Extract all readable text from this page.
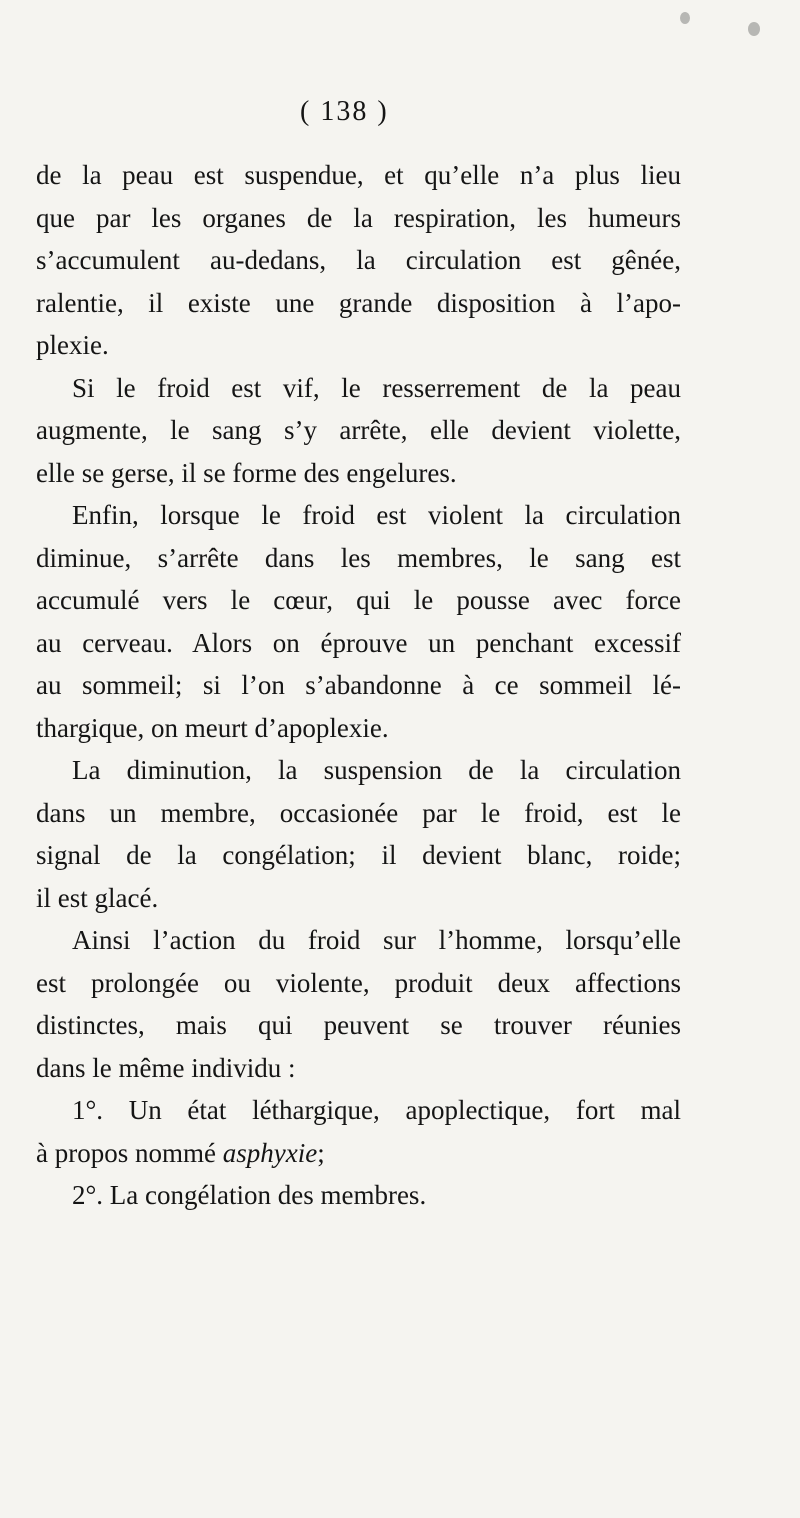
( 138 )
de la peau est suspendue, et qu’elle n’a plus lieu
que par les organes de la respiration, les humeurs
s’accumulent au-dedans, la circulation est gênée,
ralentie, il existe une grande disposition à l’apo-
plexie.
Si le froid est vif, le resserrement de la peau
augmente, le sang s’y arrête, elle devient violette,
elle se gerse, il se forme des engelures.
Enfin, lorsque le froid est violent la circulation
diminue, s’arrête dans les membres, le sang est
accumulé vers le cœur, qui le pousse avec force
au cerveau. Alors on éprouve un penchant excessif
au sommeil; si l’on s’abandonne à ce sommeil lé-
thargique, on meurt d’apoplexie.
La diminution, la suspension de la circulation
dans un membre, occasionée par le froid, est le
signal de la congélation; il devient blanc, roide;
il est glacé.
Ainsi l’action du froid sur l’homme, lorsqu’elle
est prolongée ou violente, produit deux affections
distinctes, mais qui peuvent se trouver réunies
dans le même individu :
1°. Un état léthargique, apoplectique, fort mal
à propos nommé asphyxie;
2°. La congélation des membres.
